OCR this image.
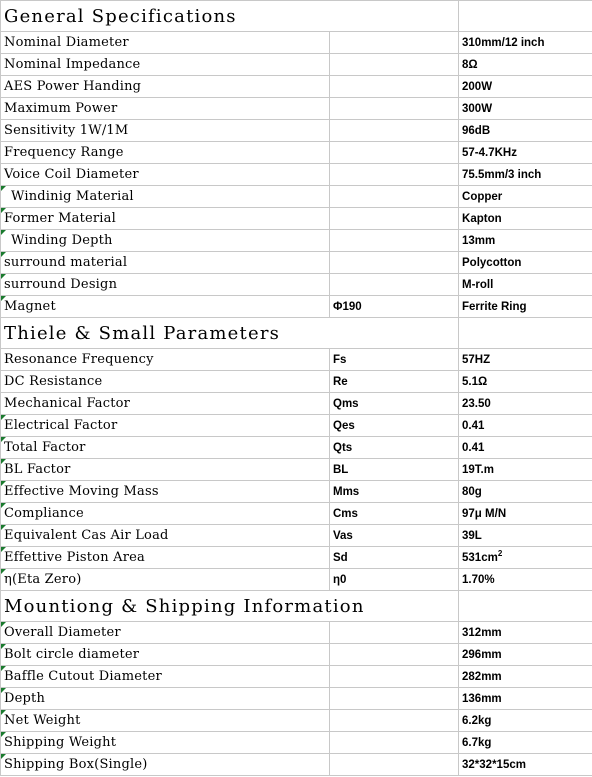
General Specifications		
Nominal Diameter		310mm/12 inch
Nominal Impedance		8Ω
AES Power Handing		200W
Maximum Power		300W
Sensitivity 1W/1M		96dB
Frequency Range		57-4.7KHz
Voice Coil Diameter		75.5mm/3 inch
Windinig Material		Copper
Former Material		Kapton
Winding Depth		13mm
surround material		Polycotton
surround Design		M-roll
Magnet	Φ190	Ferrite Ring
Thiele & Small Parameters		
Resonance Frequency	Fs	57HZ
DC Resistance	Re	5.1Ω
Mechanical Factor	Qms	23.50
Electrical Factor	Qes	0.41
Total Factor	Qts	0.41
BL Factor	BL	19T.m
Effective Moving Mass	Mms	80g
Compliance	Cms	97μ M/N
Equivalent Cas Air Load	Vas	39L
Effettive Piston Area	Sd	$531cm^2$
η(Eta Zero)	η0	1.70%
Mountiong & Shipping Information		
Overall Diameter		312mm
Bolt circle diameter		296mm
Baffle Cutout Diameter		282mm
Depth		136mm
Net Weight		6.2kg
Shipping Weight		6.7kg
Shipping Box(Single)		32*32*15cm
